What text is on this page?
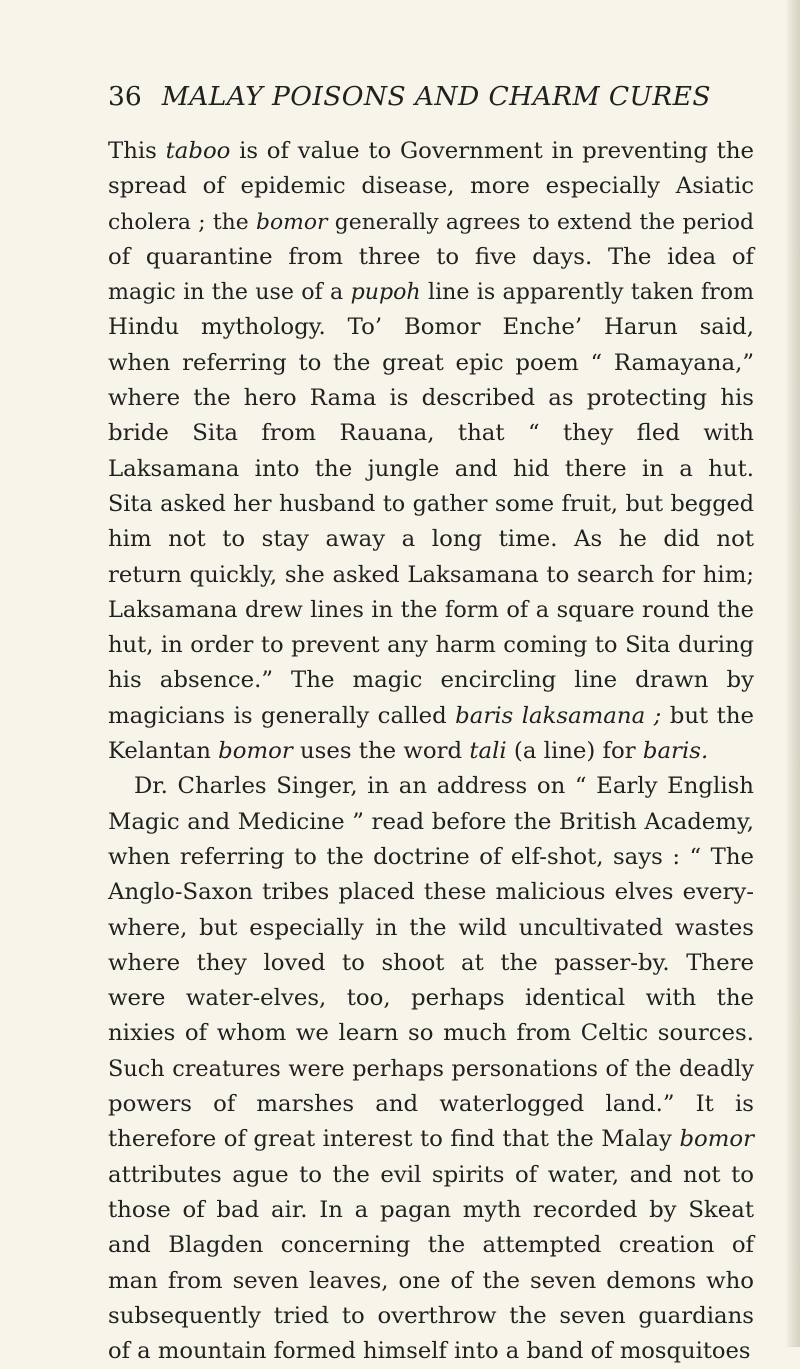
36 MALAY POISONS AND CHARM CURES
This taboo is of value to Government in preventing the
spread of epidemic disease, more especially Asiatic
cholera ; the bomor generally agrees to extend the period
of quarantine from three to five days. The idea of
magic in the use of a pupoh line is apparently taken from
Hindu mythology. To’ Bomor Enche’ Harun said,
when referring to the great epic poem “ Ramayana,”
where the hero Rama is described as protecting his
bride Sita from Rauana, that “ they fled with
Laksamana into the jungle and hid there in a hut.
Sita asked her husband to gather some fruit, but begged
him not to stay away a long time. As he did not
return quickly, she asked Laksamana to search for him;
Laksamana drew lines in the form of a square round the
hut, in order to prevent any harm coming to Sita during
his absence.” The magic encircling line drawn by
magicians is generally called baris laksamana ; but the
Kelantan bomor uses the word tali (a line) for baris.
Dr. Charles Singer, in an address on “ Early English
Magic and Medicine ” read before the British Academy,
when referring to the doctrine of elf-shot, says : “ The
Anglo-Saxon tribes placed these malicious elves every-
where, but especially in the wild uncultivated wastes
where they loved to shoot at the passer-by. There
were water-elves, too, perhaps identical with the
nixies of whom we learn so much from Celtic sources.
Such creatures were perhaps personations of the deadly
powers of marshes and waterlogged land.” It is
therefore of great interest to find that the Malay bomor
attributes ague to the evil spirits of water, and not to
those of bad air. In a pagan myth recorded by Skeat
and Blagden concerning the attempted creation of
man from seven leaves, one of the seven demons who
subsequently tried to overthrow the seven guardians
of a mountain formed himself into a band of mosquitoes
